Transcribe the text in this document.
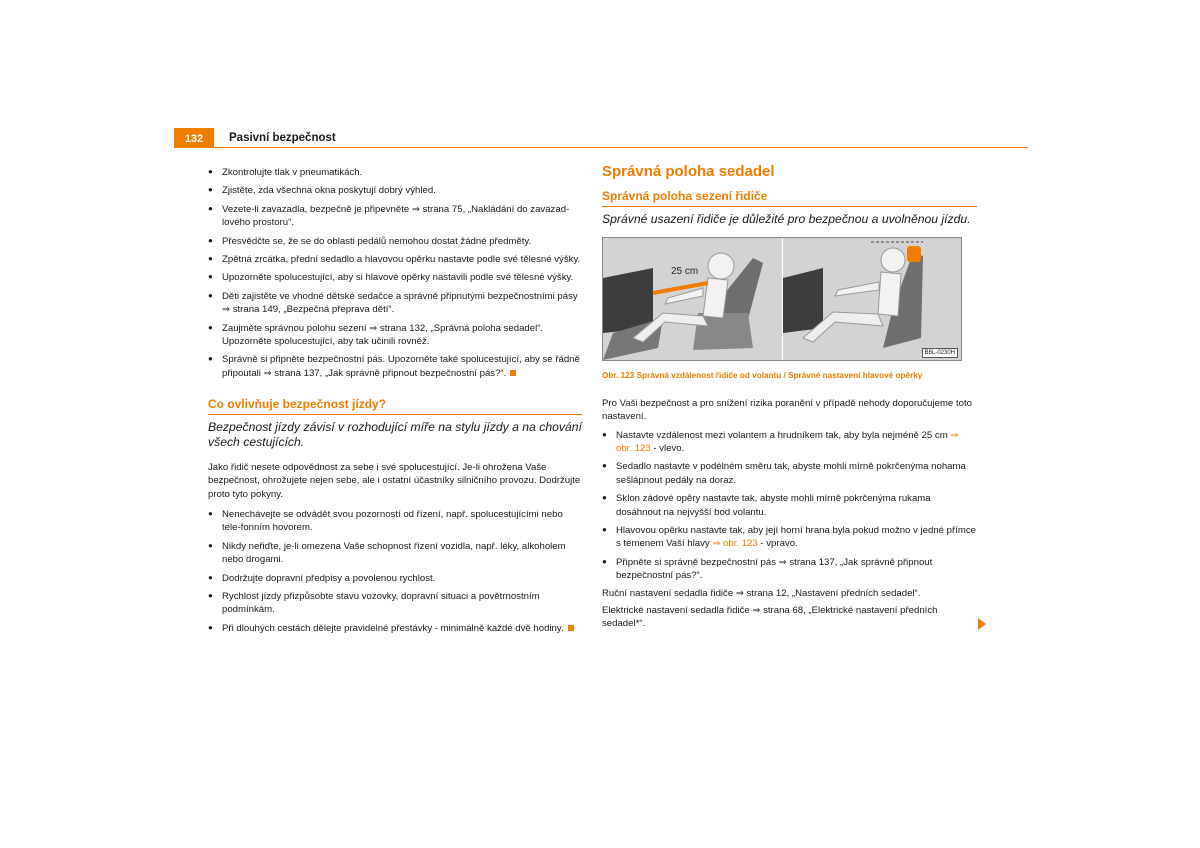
132	Pasivní bezpečnost
● Zkontrolujte tlak v pneumatikách.
● Zjistěte, zda všechna okna poskytují dobrý výhled.
● Vezete-li zavazadla, bezpečně je připevněte ⇒ strana 75, „Nakládání do zavazad-lového prostoru“.
● Přesvědčte se, že se do oblasti pedálů nemohou dostat žádné předměty.
● Zpětná zrcátka, přední sedadlo a hlavovou opěrku nastavte podle své tělesné výšky.
● Upozorněte spolucestující, aby si hlavové opěrky nastavili podle své tělesné výšky.
● Děti zajistěte ve vhodné dětské sedačce a správně připnutými bezpečnostními pásy ⇒ strana 149, „Bezpečná přeprava dětí“.
● Zaujměte správnou polohu sezení ⇒ strana 132, „Správná poloha sedadel“. Upozorněte spolucestující, aby tak učinili rovněž.
● Správně si připněte bezpečnostní pás. Upozorněte také spolucestující, aby se řádně připoutali ⇒ strana 137, „Jak správně připnout bezpečnostní pás?“.
Co ovlivňuje bezpečnost jízdy?
Bezpečnost jízdy závisí v rozhodující míře na stylu jízdy a na chování všech cestujících.

Jako řidič nesete odpovědnost za sebe i své spolucestující. Je-li ohrožena Vaše bezpečnost, ohrožujete nejen sebe, ale i ostatní účastníky silničního provozu. Dodržujte proto tyto pokyny.

● Nenechávejte se odvádět svou pozorností od řízení, např. spolucestujícími nebo tele-fonním hovorem.
● Nikdy neřiďte, je-li omezena Vaše schopnost řízení vozidla, např. léky, alkoholem nebo drogami.
● Dodržujte dopravní předpisy a povolenou rychlost.
● Rychlost jízdy přizpůsobte stavu vozovky, dopravní situaci a povětrnostním podmínkám.
● Při dlouhých cestách dělejte pravidelné přestávky - minimálně každé dvě hodiny.
Správná poloha sedadel
Správná poloha sezení řidiče
Správné usazení řidiče je důležité pro bezpečnou a uvolněnou jízdu.
25 cm
B6L-0230H
Obr. 123 Správná vzdálenost řidiče od volantu / Správné nastavení hlavové opěrky

Pro Vaši bezpečnost a pro snížení rizika poranění v případě nehody doporučujeme toto nastavení.

● Nastavte vzdálenost mezi volantem a hrudníkem tak, aby byla nejméně 25 cm ⇒ obr. 123 - vlevo.
● Sedadlo nastavte v podélném směru tak, abyste mohli mírně pokrčenýma nohama sešlápnout pedály na doraz.
● Sklon zádové opěry nastavte tak, abyste mohli mírně pokrčenýma rukama dosáhnout na nejvyšší bod volantu.
● Hlavovou opěrku nastavte tak, aby její horní hrana byla pokud možno v jedné přímce s temenem Vaší hlavy ⇒ obr. 123 - vpravo.
● Připněte si správně bezpečnostní pás ⇒ strana 137, „Jak správně připnout bezpečnostní pás?“.

Ruční nastavení sedadla řidiče ⇒ strana 12, „Nastavení předních sedadel“.

Elektrické nastavení sedadla řidiče ⇒ strana 68, „Elektrické nastavení předních sedadel*“.
